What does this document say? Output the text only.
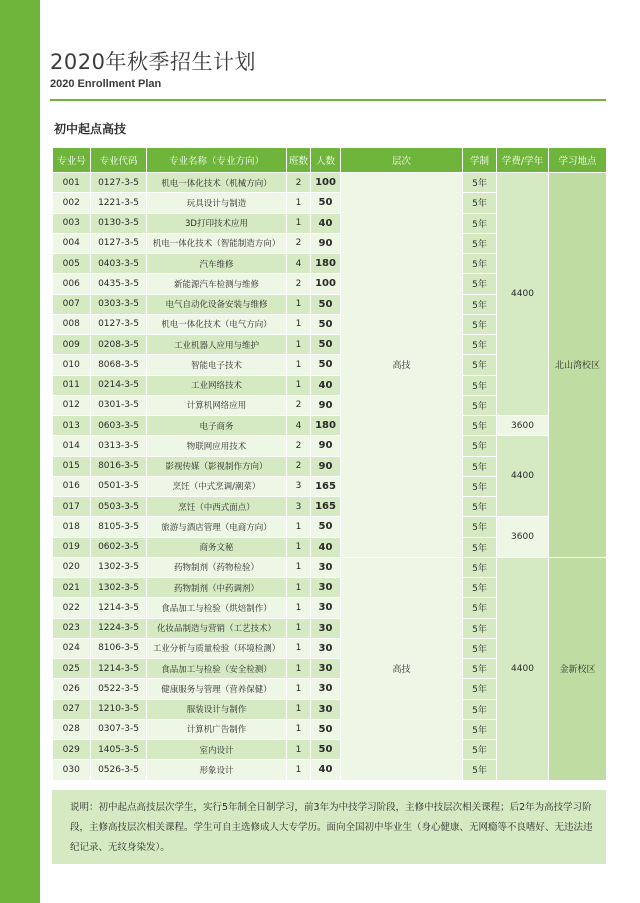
2020年秋季招生计划
2020 Enrollment Plan
初中起点高技
专业号	专业代码	专业名称（专业方向）	班数	人数	层次	学制	学费/学年	学习地点
001	0127-3-5	机电一体化技术（机械方向）	2	100	高技	5年	4400	北山湾校区
002	1221-3-5	玩具设计与制造	1	50		5年		
003	0130-3-5	3D打印技术应用	1	40		5年		
004	0127-3-5	机电一体化技术（智能制造方向）	2	90		5年		
005	0403-3-5	汽车维修	4	180		5年		
006	0435-3-5	新能源汽车检测与维修	2	100		5年		
007	0303-3-5	电气自动化设备安装与维修	1	50		5年		
008	0127-3-5	机电一体化技术（电气方向）	1	50		5年		
009	0208-3-5	工业机器人应用与维护	1	50		5年		
010	8068-3-5	智能电子技术	1	50		5年		
011	0214-3-5	工业网络技术	1	40		5年		
012	0301-3-5	计算机网络应用	2	90		5年		
013	0603-3-5	电子商务	4	180		5年	3600	
014	0313-3-5	物联网应用技术	2	90		5年	4400	
015	8016-3-5	影视传媒（影视制作方向）	2	90		5年		
016	0501-3-5	烹饪（中式烹调/潮菜）	3	165		5年		
017	0503-3-5	烹饪（中西式面点）	3	165		5年		
018	8105-3-5	旅游与酒店管理（电商方向）	1	50		5年	3600	
019	0602-3-5	商务文秘	1	40		5年		
020	1302-3-5	药物制剂（药物检验）	1	30	高技	5年	4400	金新校区
021	1302-3-5	药物制剂（中药调剂）	1	30		5年		
022	1214-3-5	食品加工与检验（烘焙制作）	1	30		5年		
023	1224-3-5	化妆品制造与营销（工艺技术）	1	30		5年		
024	8106-3-5	工业分析与质量检验（环境检测）	1	30		5年		
025	1214-3-5	食品加工与检验（安全检测）	1	30		5年		
026	0522-3-5	健康服务与管理（营养保健）	1	30		5年		
027	1210-3-5	服装设计与制作	1	30		5年		
028	0307-3-5	计算机广告制作	1	50		5年		
029	1405-3-5	室内设计	1	50		5年		
030	0526-3-5	形象设计	1	40		5年		

说明：初中起点高技层次学生，实行5年制全日制学习，前3年为中技学习阶段，主修中技层次相关课程；后2年为高技学习阶段，主修高技层次相关课程。学生可自主选修成人大专学历。面向全国初中毕业生（身心健康、无网瘾等不良嗜好、无违法违纪记录、无纹身染发）。
